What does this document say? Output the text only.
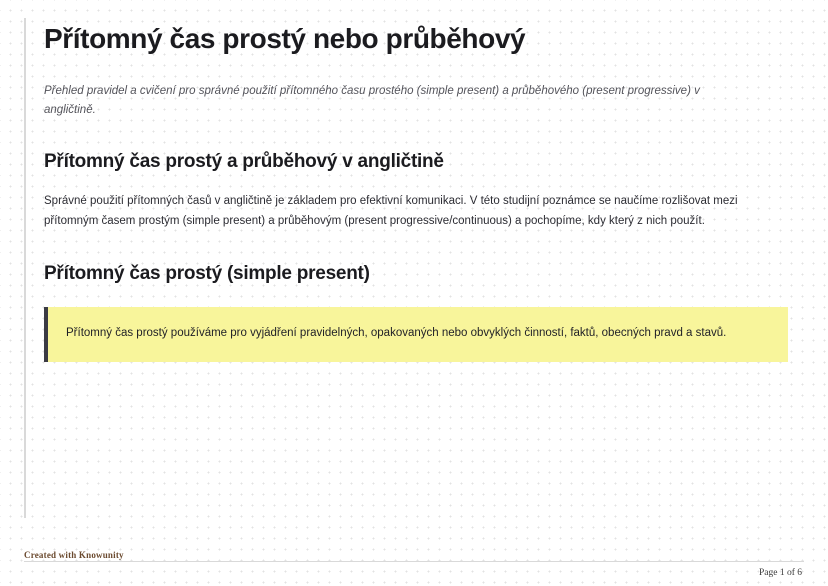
Přítomný čas prostý nebo průběhový

Přehled pravidel a cvičení pro správné použití přítomného času prostého (simple present) a průběhového (present progressive) v angličtině.

Přítomný čas prostý a průběhový v angličtině

Správné použití přítomných časů v angličtině je základem pro efektivní komunikaci. V této studijní poznámce se naučíme rozlišovat mezi přítomným časem prostým (simple present) a průběhovým (present progressive/continuous) a pochopíme, kdy který z nich použít.

Přítomný čas prostý (simple present)

Přítomný čas prostý používáme pro vyjádření pravidelných, opakovaných nebo obvyklých činností, faktů, obecných pravd a stavů.

Created with Knowunity
Page 1 of 6
